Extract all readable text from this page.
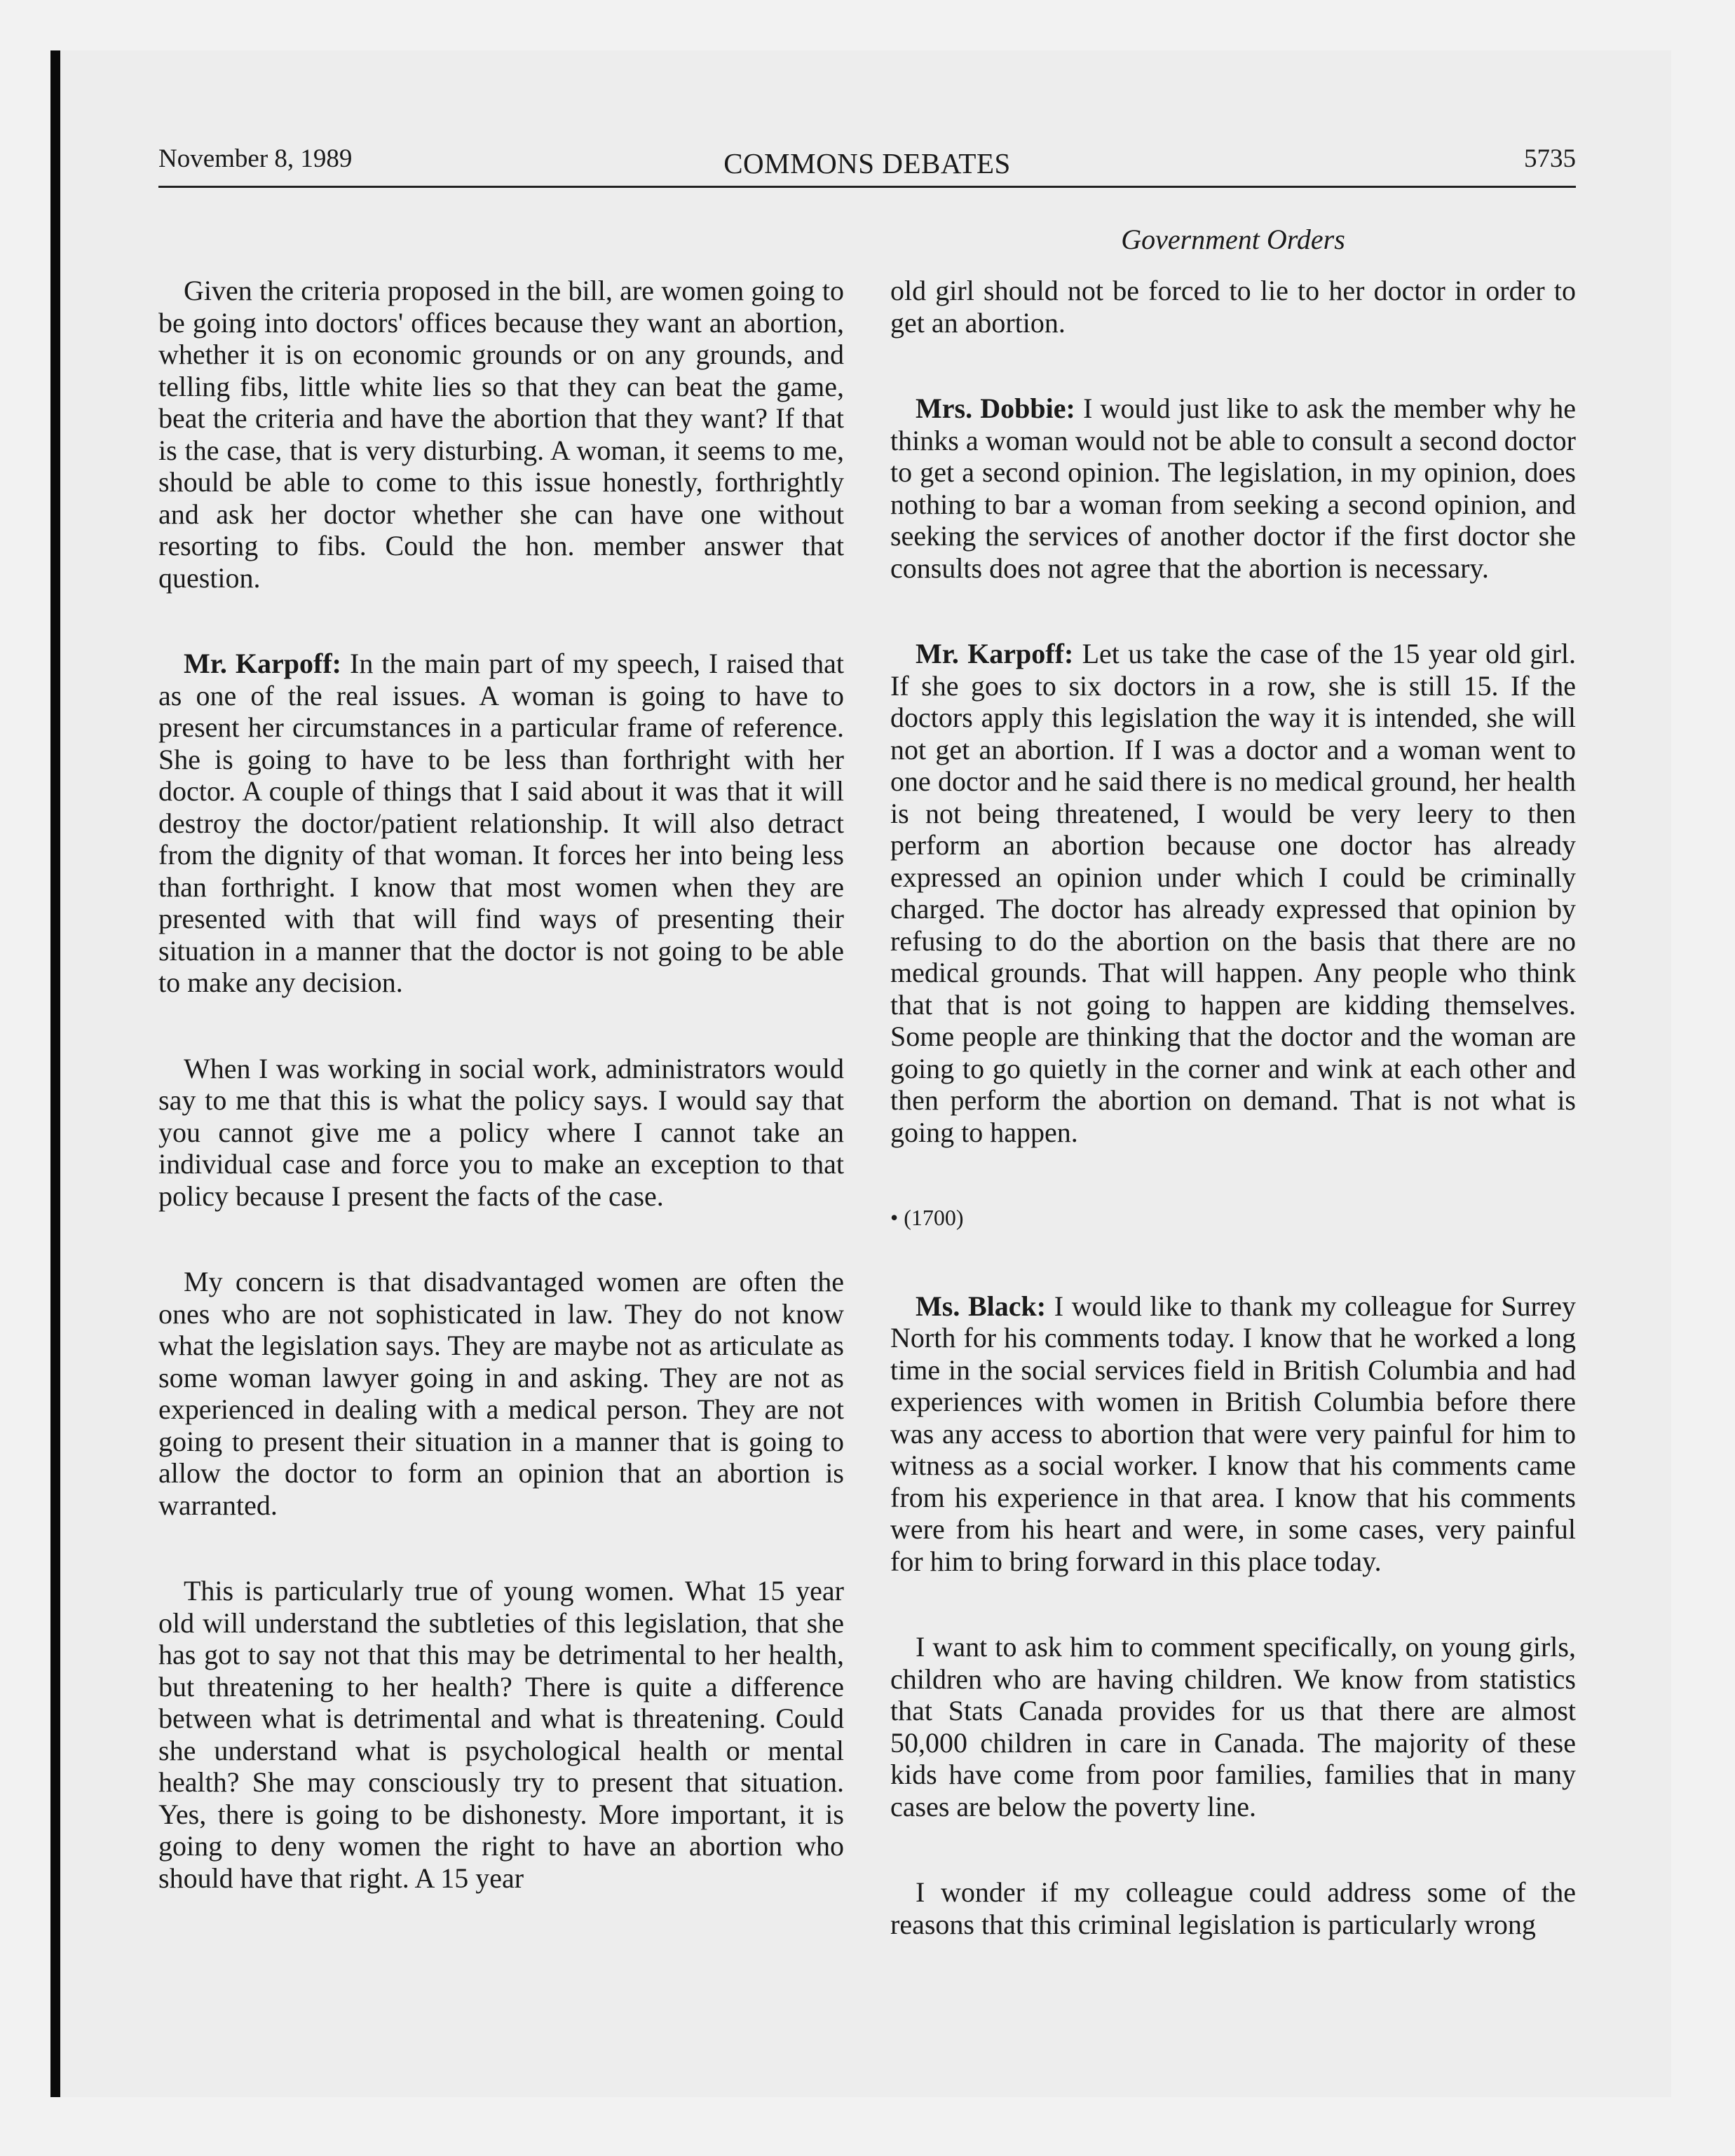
November 8, 1989	COMMONS DEBATES	5735
Government Orders

Given the criteria proposed in the bill, are women going to be going into doctors' offices because they want an abortion, whether it is on economic grounds or on any grounds, and telling fibs, little white lies so that they can beat the game, beat the criteria and have the abortion that they want? If that is the case, that is very disturbing. A woman, it seems to me, should be able to come to this issue honestly, forthrightly and ask her doctor whether she can have one without resorting to fibs. Could the hon. member answer that question.

Mr. Karpoff: In the main part of my speech, I raised that as one of the real issues. A woman is going to have to present her circumstances in a particular frame of reference. She is going to have to be less than forthright with her doctor. A couple of things that I said about it was that it will destroy the doctor/patient relationship. It will also detract from the dignity of that woman. It forces her into being less than forthright. I know that most women when they are presented with that will find ways of presenting their situation in a manner that the doctor is not going to be able to make any decision.

When I was working in social work, administrators would say to me that this is what the policy says. I would say that you cannot give me a policy where I cannot take an individual case and force you to make an exception to that policy because I present the facts of the case.

My concern is that disadvantaged women are often the ones who are not sophisticated in law. They do not know what the legislation says. They are maybe not as articulate as some woman lawyer going in and asking. They are not as experienced in dealing with a medical person. They are not going to present their situation in a manner that is going to allow the doctor to form an opinion that an abortion is warranted.

This is particularly true of young women. What 15 year old will understand the subtleties of this legislation, that she has got to say not that this may be detrimental to her health, but threatening to her health? There is quite a difference between what is detrimental and what is threatening. Could she understand what is psychological health or mental health? She may consciously try to present that situation. Yes, there is going to be dishonesty. More important, it is going to deny women the right to have an abortion who should have that right. A 15 year

old girl should not be forced to lie to her doctor in order to get an abortion.

Mrs. Dobbie: I would just like to ask the member why he thinks a woman would not be able to consult a second doctor to get a second opinion. The legislation, in my opinion, does nothing to bar a woman from seeking a second opinion, and seeking the services of another doctor if the first doctor she consults does not agree that the abortion is necessary.

Mr. Karpoff: Let us take the case of the 15 year old girl. If she goes to six doctors in a row, she is still 15. If the doctors apply this legislation the way it is intended, she will not get an abortion. If I was a doctor and a woman went to one doctor and he said there is no medical ground, her health is not being threatened, I would be very leery to then perform an abortion because one doctor has already expressed an opinion under which I could be criminally charged. The doctor has already expressed that opinion by refusing to do the abortion on the basis that there are no medical grounds. That will happen. Any people who think that that is not going to happen are kidding themselves. Some people are thinking that the doctor and the woman are going to go quietly in the corner and wink at each other and then perform the abortion on demand. That is not what is going to happen.

• (1700)

Ms. Black: I would like to thank my colleague for Surrey North for his comments today. I know that he worked a long time in the social services field in British Columbia and had experiences with women in British Columbia before there was any access to abortion that were very painful for him to witness as a social worker. I know that his comments came from his experience in that area. I know that his comments were from his heart and were, in some cases, very painful for him to bring forward in this place today.

I want to ask him to comment specifically, on young girls, children who are having children. We know from statistics that Stats Canada provides for us that there are almost 50,000 children in care in Canada. The majority of these kids have come from poor families, families that in many cases are below the poverty line.

I wonder if my colleague could address some of the reasons that this criminal legislation is particularly wrong
